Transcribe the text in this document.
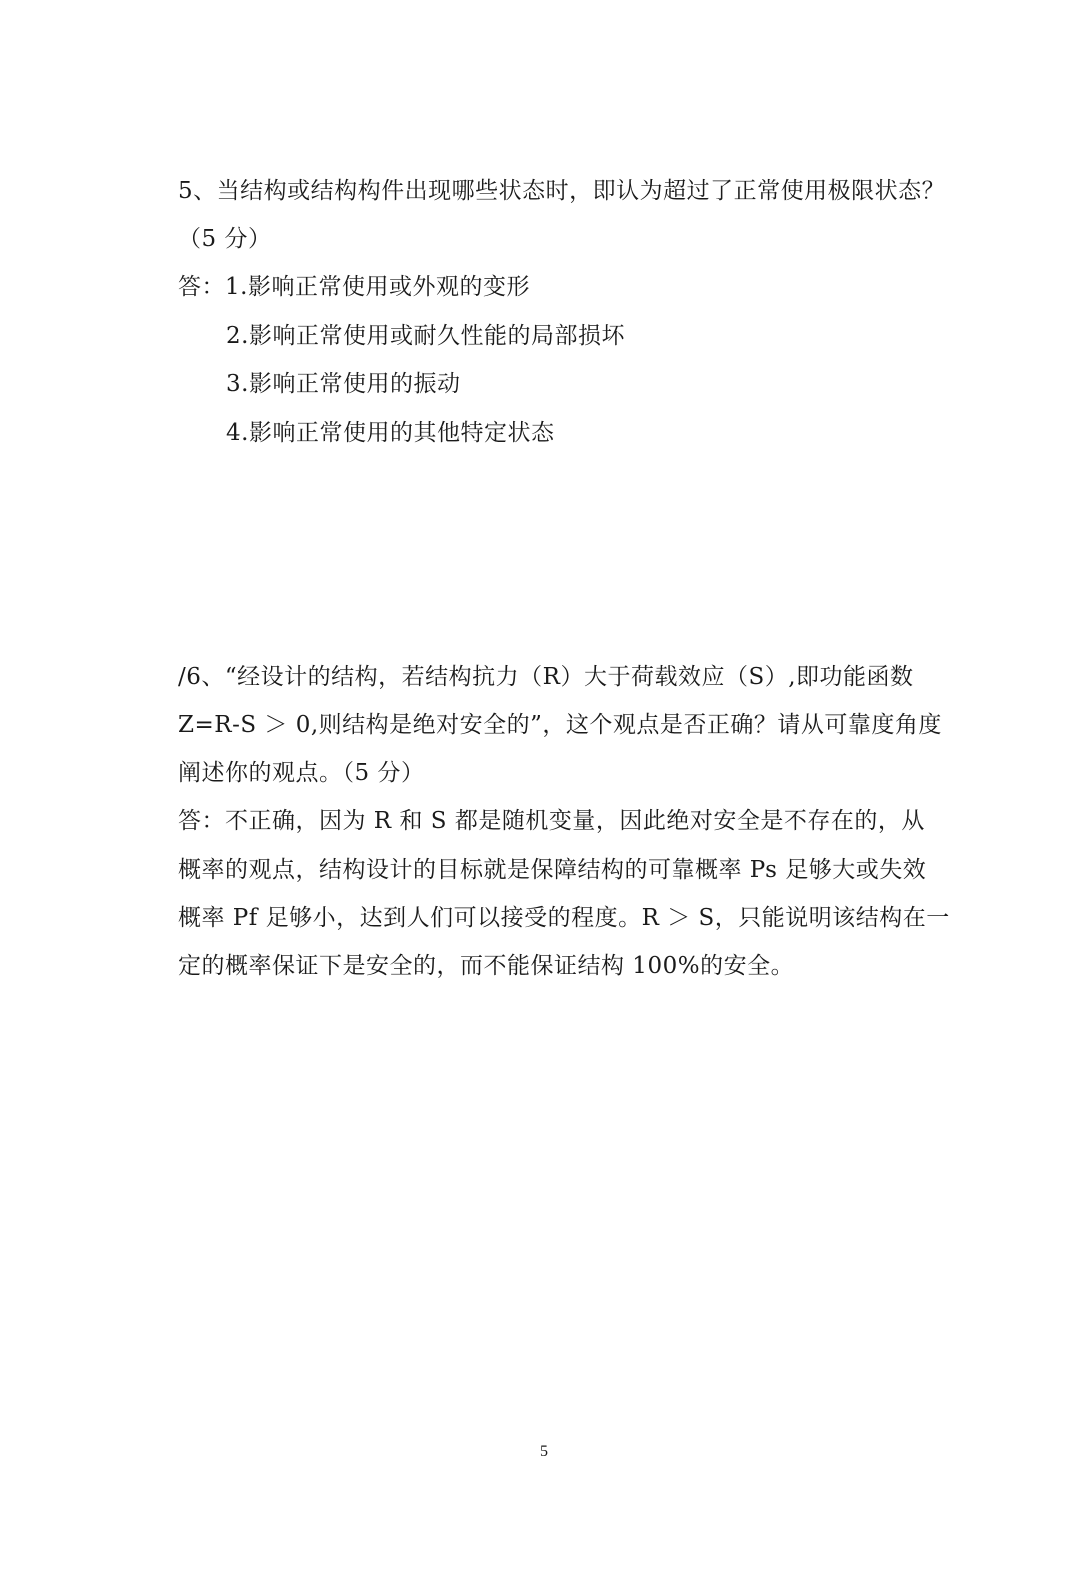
5、当结构或结构构件出现哪些状态时，即认为超过了正常使用极限状态？
（5 分）
答：1.影响正常使用或外观的变形
2.影响正常使用或耐久性能的局部损坏
3.影响正常使用的振动
4.影响正常使用的其他特定状态
/6、“经设计的结构，若结构抗力（R）大于荷载效应（S）,即功能函数
Z=R-S ＞ 0,则结构是绝对安全的”，这个观点是否正确？请从可靠度角度
阐述你的观点。（5 分）
答：不正确，因为 R 和 S 都是随机变量，因此绝对安全是不存在的，从
概率的观点，结构设计的目标就是保障结构的可靠概率 Ps 足够大或失效
概率 Pf 足够小，达到人们可以接受的程度。R ＞ S，只能说明该结构在一
定的概率保证下是安全的，而不能保证结构 100%的安全。
5
